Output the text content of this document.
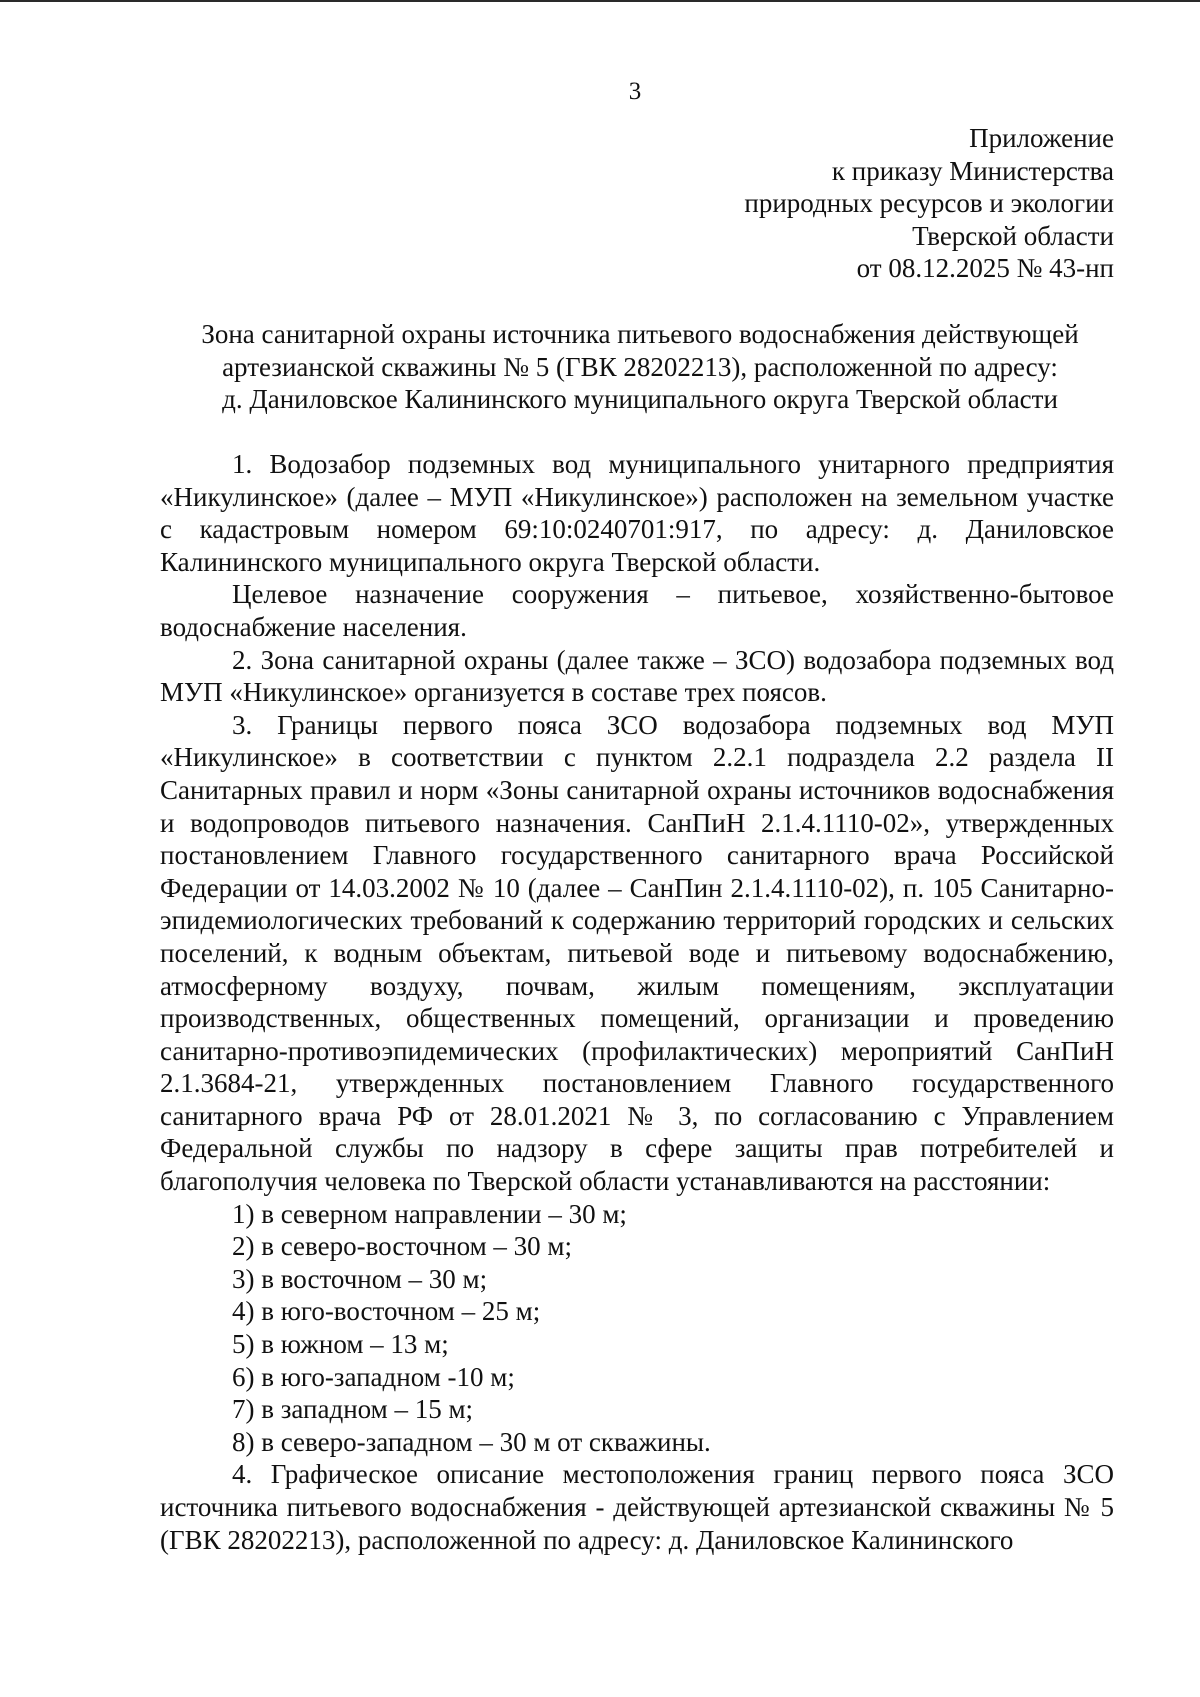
3
Приложение
к приказу Министерства
природных ресурсов и экологии
Тверской области
от 08.12.2025 № 43-нп
Зона санитарной охраны источника питьевого водоснабжения действующей
артезианской скважины № 5 (ГВК 28202213), расположенной по адресу:
д. Даниловское Калининского муниципального округа Тверской области

1. Водозабор подземных вод муниципального унитарного предприятия «Никулинское» (далее – МУП «Никулинское») расположен на земельном участке с кадастровым номером 69:10:0240701:917, по адресу: д. Даниловское Калининского муниципального округа Тверской области.

Целевое назначение сооружения – питьевое, хозяйственно-бытовое водоснабжение населения.

2. Зона санитарной охраны (далее также – ЗСО) водозабора подземных вод МУП «Никулинское» организуется в составе трех поясов.

3. Границы первого пояса ЗСО водозабора подземных вод МУП «Никулинское» в соответствии с пунктом 2.2.1 подраздела 2.2 раздела II Санитарных правил и норм «Зоны санитарной охраны источников водоснабжения и водопроводов питьевого назначения. СанПиН 2.1.4.1110-02», утвержденных постановлением Главного государственного санитарного врача Российской Федерации от 14.03.2002 № 10 (далее – СанПин 2.1.4.1110-02), п. 105 Санитарно-эпидемиологических требований к содержанию территорий городских и сельских поселений, к водным объектам, питьевой воде и питьевому водоснабжению, атмосферному воздуху, почвам, жилым помещениям, эксплуатации производственных, общественных помещений, организации и проведению санитарно-противоэпидемических (профилактических) мероприятий СанПиН 2.1.3684-21, утвержденных постановлением Главного государственного санитарного врача РФ от 28.01.2021 № 3, по согласованию с Управлением Федеральной службы по надзору в сфере защиты прав потребителей и благополучия человека по Тверской области устанавливаются на расстоянии:

1) в северном направлении – 30 м;
2) в северо-восточном – 30 м;
3) в восточном – 30 м;
4) в юго-восточном – 25 м;
5) в южном – 13 м;
6) в юго-западном -10 м;
7) в западном – 15 м;
8) в северо-западном – 30 м от скважины.

4. Графическое описание местоположения границ первого пояса ЗСО источника питьевого водоснабжения - действующей артезианской скважины № 5 (ГВК 28202213), расположенной по адресу: д. Даниловское Калининского
